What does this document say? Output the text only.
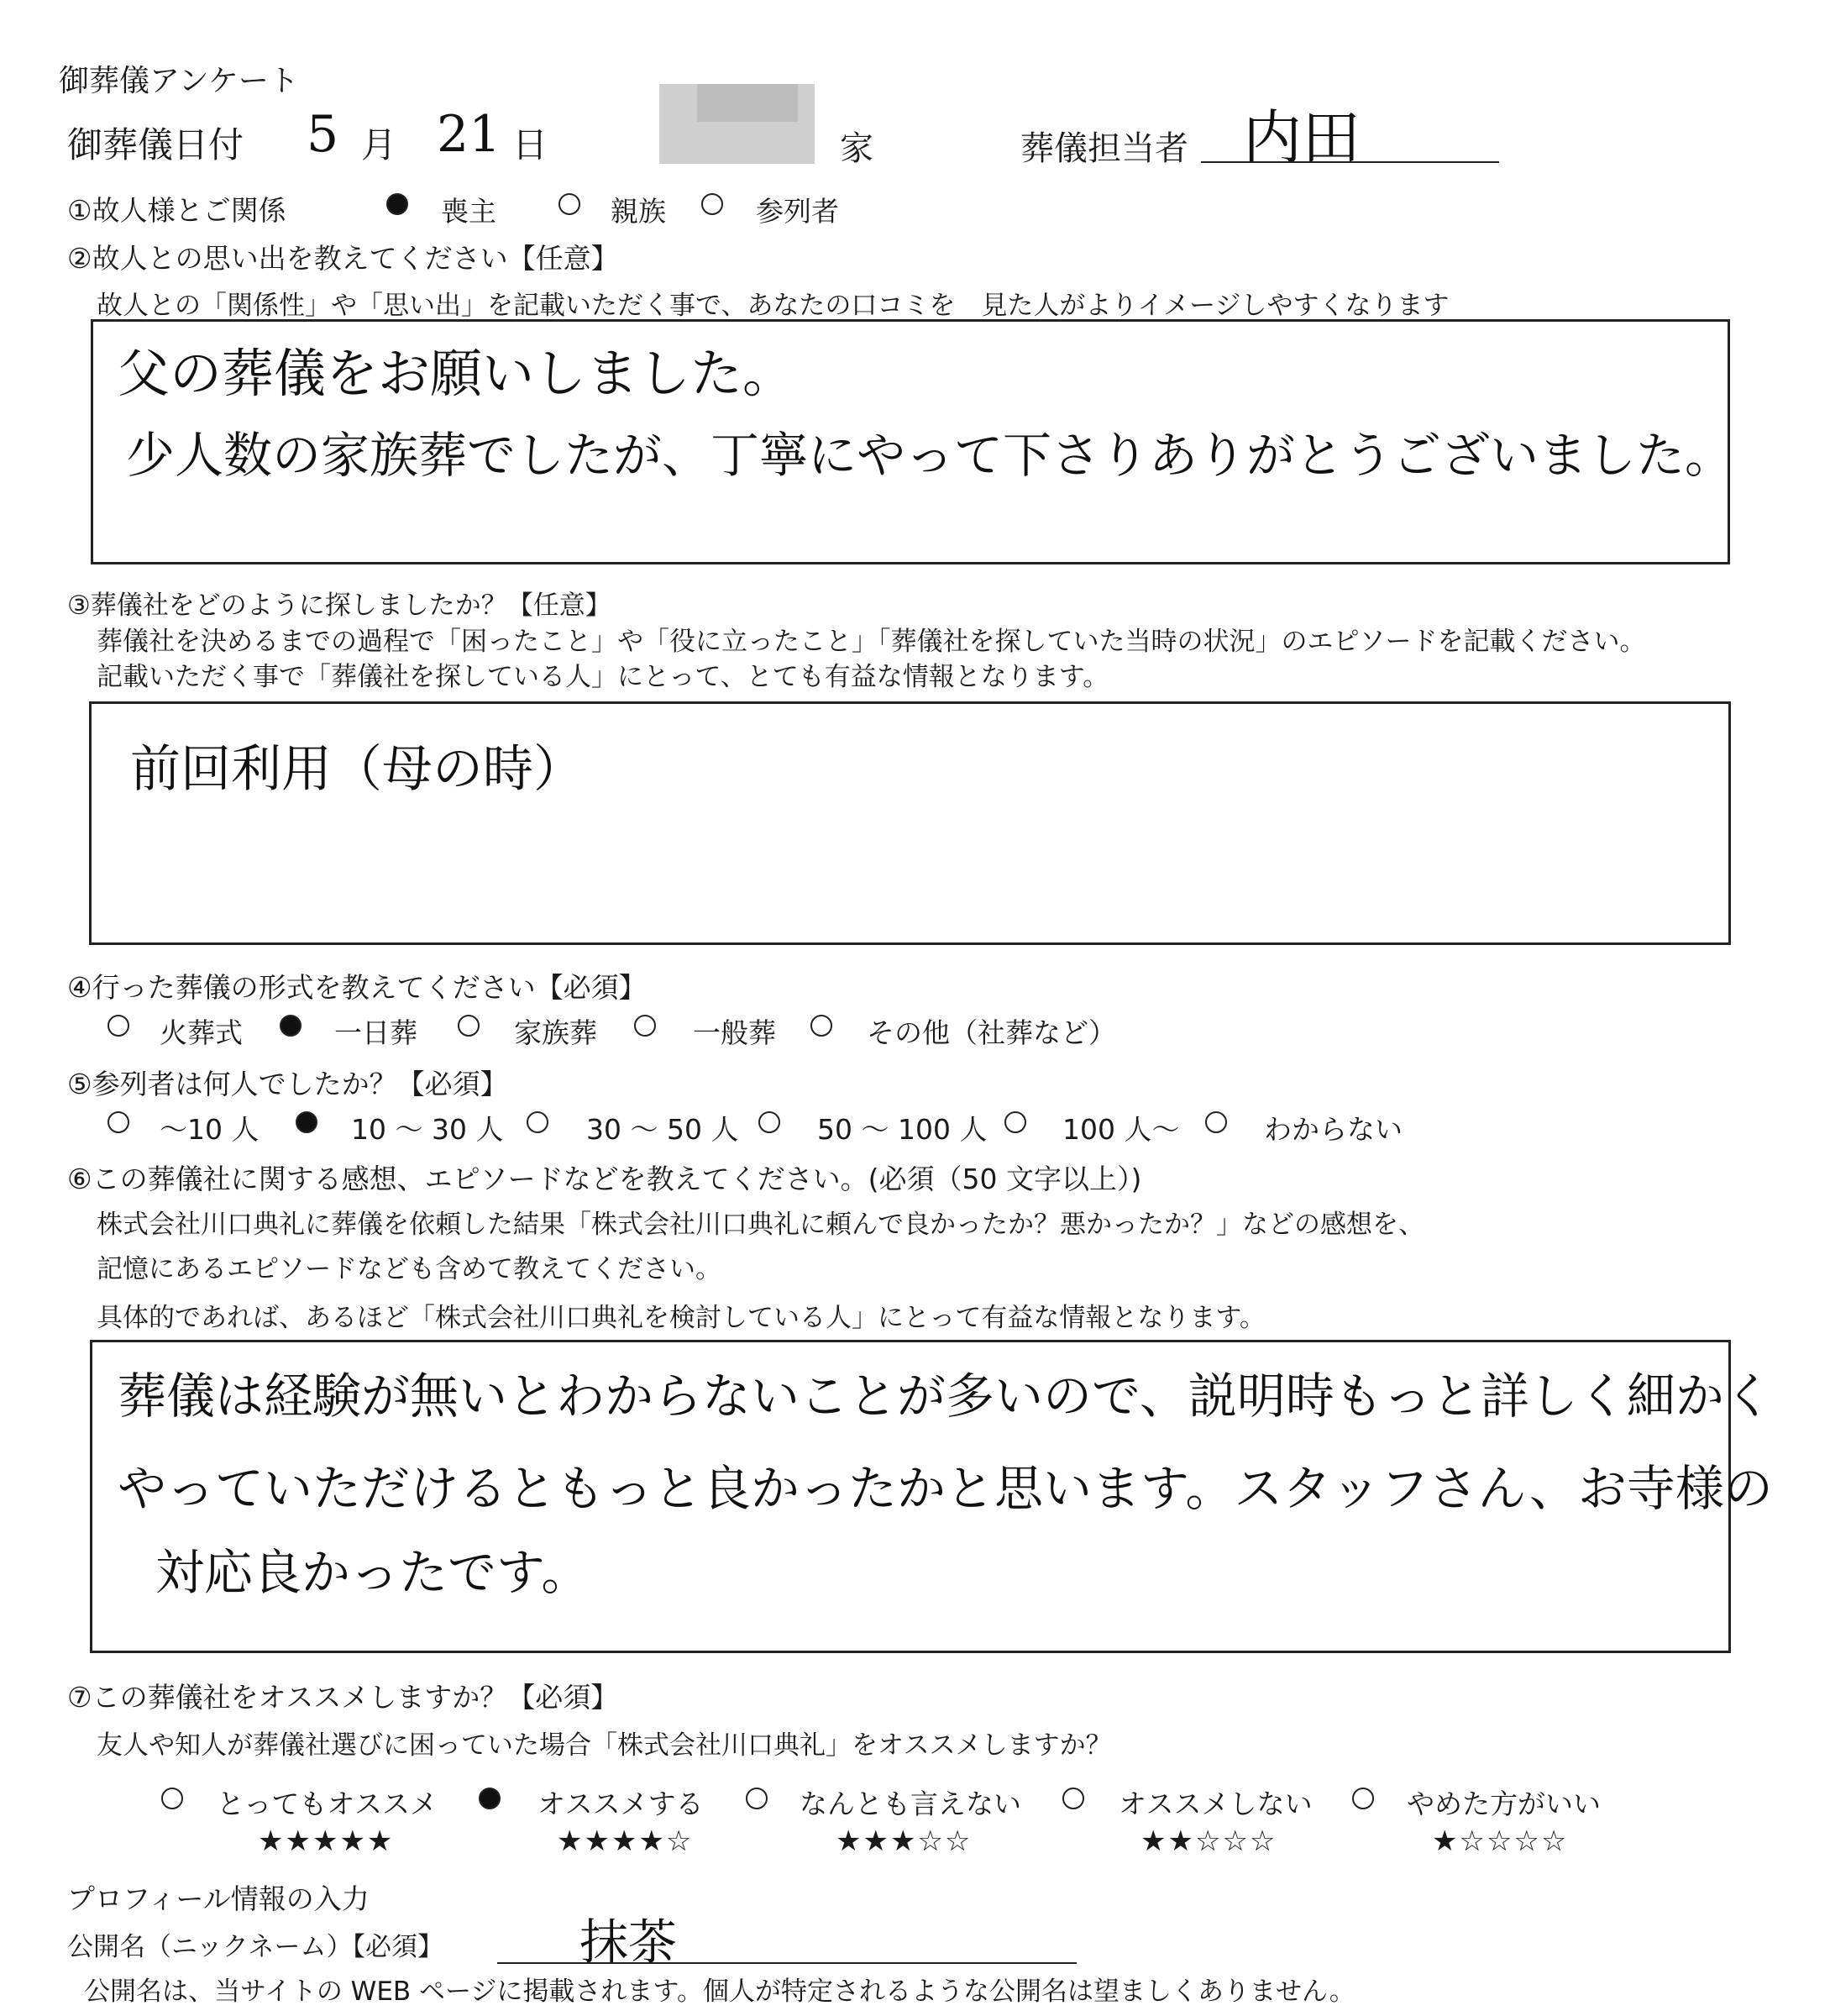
御葬儀アンケート
御葬儀日付 5 月 21 日	家	葬儀担当者 内田
①故人様とご関係	喪主	親族	参列者
②故人との思い出を教えてください【任意】
故人との「関係性」や「思い出」を記載いただく事で、あなたの口コミを　見た人がよりイメージしやすくなります
父の葬儀をお願いしました。
少人数の家族葬でしたが、丁寧にやって下さりありがとうございました。
③葬儀社をどのように探しましたか？【任意】
葬儀社を決めるまでの過程で「困ったこと」や「役に立ったこと」「葬儀社を探していた当時の状況」のエピソードを記載ください。
記載いただく事で「葬儀社を探している人」にとって、とても有益な情報となります。
前回利用（母の時）
④行った葬儀の形式を教えてください【必須】
火葬式	一日葬	家族葬	一般葬	その他（社葬など）
⑤参列者は何人でしたか？【必須】
～10 人	10 ～ 30 人	30 ～ 50 人	50 ～ 100 人	100 人～	わからない
⑥この葬儀社に関する感想、エピソードなどを教えてください。(必須（50 文字以上）)
株式会社川口典礼に葬儀を依頼した結果「株式会社川口典礼に頼んで良かったか？悪かったか？」などの感想を、
記憶にあるエピソードなども含めて教えてください。
具体的であれば、あるほど「株式会社川口典礼を検討している人」にとって有益な情報となります。
葬儀は経験が無いとわからないことが多いので、説明時もっと詳しく細かく
やっていただけるともっと良かったかと思います。スタッフさん、お寺様の
対応良かったです。
⑦この葬儀社をオススメしますか？【必須】
友人や知人が葬儀社選びに困っていた場合「株式会社川口典礼」をオススメしますか？
とってもオススメ
★★★★★
オススメする
★★★★☆
なんとも言えない
★★★☆☆
オススメしない
★★☆☆☆
やめた方がいい
★☆☆☆☆
プロフィール情報の入力
公開名（ニックネーム）【必須】	抹茶
公開名は、当サイトの WEB ページに掲載されます。個人が特定されるような公開名は望ましくありません。
